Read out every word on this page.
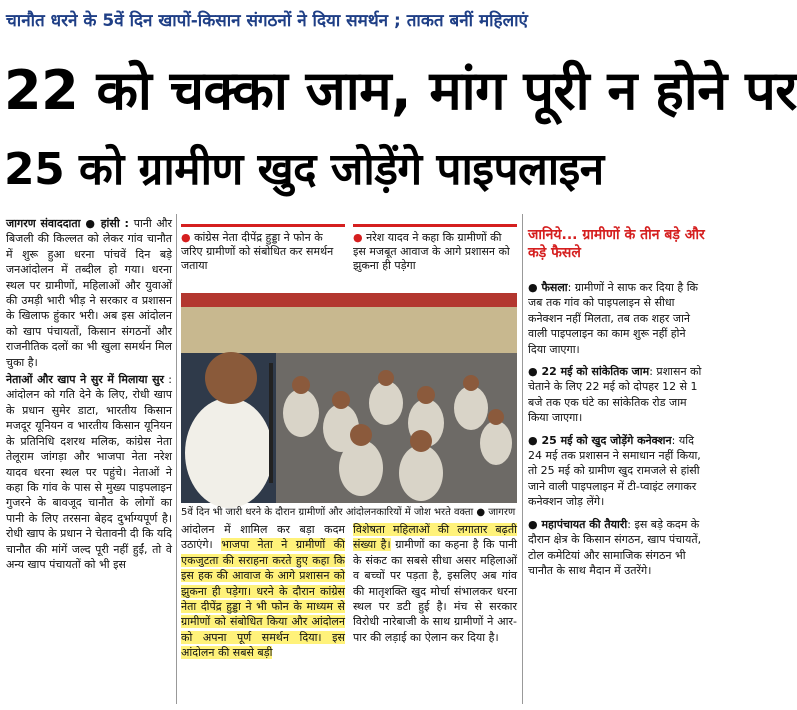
चानौत धरने के 5वें दिन खापों-किसान संगठनों ने दिया समर्थन ; ताकत बनीं महिलाएं
22 को चक्का जाम, मांग पूरी न होने पर
25 को ग्रामीण खुद जोड़ेंगे पाइपलाइन

जागरण संवाददाता ● हांसी : पानी और बिजली की किल्लत को लेकर गांव चानौत में शुरू हुआ धरना पांचवें दिन बड़े जनआंदोलन में तब्दील हो गया। धरना स्थल पर ग्रामीणों, महिलाओं और युवाओं की उमड़ी भारी भीड़ ने सरकार व प्रशासन के खिलाफ हुंकार भरी। अब इस आंदोलन को खाप पंचायतों, किसान संगठनों और राजनीतिक दलों का भी खुला समर्थन मिल चुका है।

नेताओं और खाप ने सुर में मिलाया सुर : आंदोलन को गति देने के लिए, रोधी खाप के प्रधान सुमेर डाटा, भारतीय किसान मजदूर यूनियन व भारतीय किसान यूनियन के प्रतिनिधि दशरथ मलिक, कांग्रेस नेता तेलूराम जांगड़ा और भाजपा नेता नरेश यादव धरना स्थल पर पहुंचे। नेताओं ने कहा कि गांव के पास से मुख्य पाइपलाइन गुजरने के बावजूद चानौत के लोगों का पानी के लिए तरसना बेहद दुर्भाग्यपूर्ण है। रोधी खाप के प्रधान ने चेतावनी दी कि यदि चानौत की मांगें जल्द पूरी नहीं हुईं, तो वे अन्य खाप पंचायतों को भी इस

● कांग्रेस नेता दीपेंद्र हुड्डा ने फोन के जरिए ग्रामीणों को संबोधित कर समर्थन जताया
● नरेश यादव ने कहा कि ग्रामीणों की इस मजबूत आवाज के आगे प्रशासन को झुकना ही पड़ेगा
5वें दिन भी जारी धरने के दौरान ग्रामीणों और आंदोलनकारियों में जोश भरते वक्ता ● जागरण

आंदोलन में शामिल कर बड़ा कदम उठाएंगे। भाजपा नेता ने ग्रामीणों की एकजुटता की सराहना करते हुए कहा कि इस हक की आवाज के आगे प्रशासन को झुकना ही पड़ेगा। धरने के दौरान कांग्रेस नेता दीपेंद्र हुड्डा ने भी फोन के माध्यम से ग्रामीणों को संबोधित किया और आंदोलन को अपना पूर्ण समर्थन दिया। इस आंदोलन की सबसे बड़ी

विशेषता महिलाओं की लगातार बढ़ती संख्या है। ग्रामीणों का कहना है कि पानी के संकट का सबसे सीधा असर महिलाओं व बच्चों पर पड़ता है, इसलिए अब गांव की मातृशक्ति खुद मोर्चा संभालकर धरना स्थल पर डटी हुई है। मंच से सरकार विरोधी नारेबाजी के साथ ग्रामीणों ने आर-पार की लड़ाई का ऐलान कर दिया है।

जानिये... ग्रामीणों के तीन बड़े और कड़े फैसले
● फैसला: ग्रामीणों ने साफ कर दिया है कि जब तक गांव को पाइपलाइन से सीधा कनेक्शन नहीं मिलता, तब तक शहर जाने वाली पाइपलाइन का काम शुरू नहीं होने दिया जाएगा।
● 22 मई को सांकेतिक जाम: प्रशासन को चेताने के लिए 22 मई को दोपहर 12 से 1 बजे तक एक घंटे का सांकेतिक रोड जाम किया जाएगा।
● 25 मई को खुद जोड़ेंगे कनेक्शन: यदि 24 मई तक प्रशासन ने समाधान नहीं किया, तो 25 मई को ग्रामीण खुद रामजले से हांसी जाने वाली पाइपलाइन में टी-प्वाइंट लगाकर कनेक्शन जोड़ लेंगे।
● महापंचायत की तैयारी: इस बड़े कदम के दौरान क्षेत्र के किसान संगठन, खाप पंचायतें, टोल कमेटियां और सामाजिक संगठन भी चानौत के साथ मैदान में उतरेंगे।
